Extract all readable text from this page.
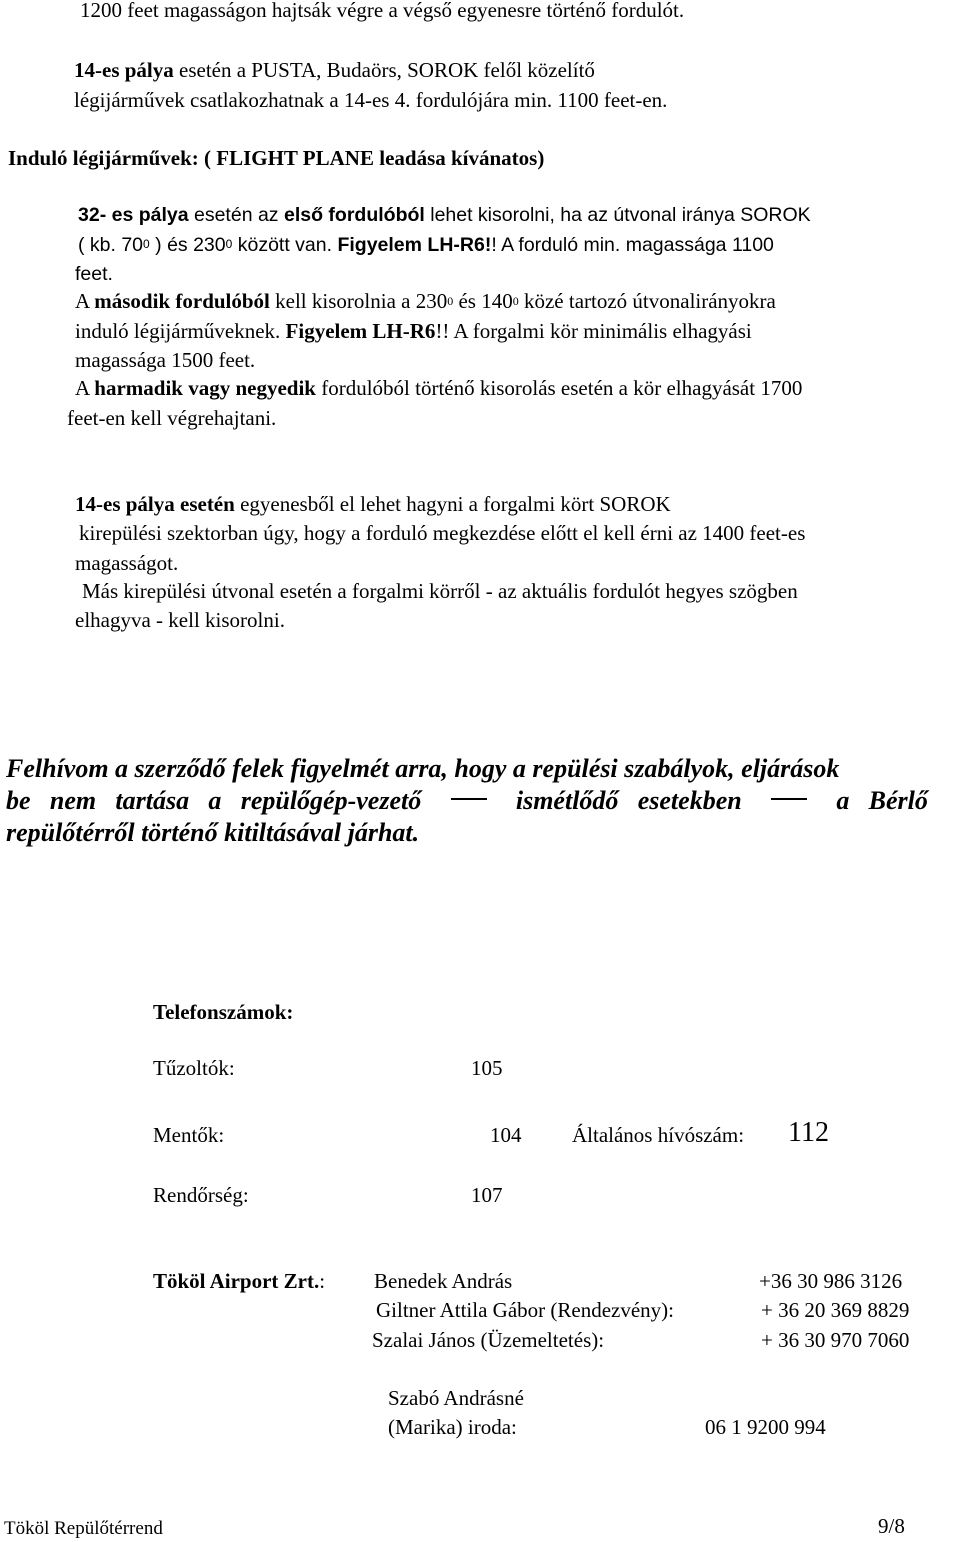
1200 feet magasságon hajtsák végre a végső egyenesre történő fordulót.
14-es pálya esetén a PUSTA, Budaörs, SOROK felől közelítő
légijárművek csatlakozhatnak a 14-es 4. fordulójára min. 1100 feet-en.
Induló légijárművek: ( FLIGHT PLANE leadása kívánatos)
32- es pálya esetén az első fordulóból lehet kisorolni, ha az útvonal iránya SOROK
( kb. $70^0$ ) és $230^0$ között van. Figyelem LH-R6!! A forduló min. magassága 1100
feet.
A második fordulóból kell kisorolnia a $230^0$ és $140^0$ közé tartozó útvonalirányokra
induló légijárműveknek. Figyelem LH-R6!! A forgalmi kör minimális elhagyási
magassága 1500 feet.
A harmadik vagy negyedik fordulóból történő kisorolás esetén a kör elhagyását 1700
feet-en kell végrehajtani.
14-es pálya esetén egyenesből el lehet hagyni a forgalmi kört SOROK
kirepülési szektorban úgy, hogy a forduló megkezdése előtt el kell érni az 1400 feet-es
magasságot.
Más kirepülési útvonal esetén a forgalmi körről - az aktuális fordulót hegyes szögben
elhagyva - kell kisorolni.
Felhívom a szerződő felek figyelmét arra, hogy a repülési szabályok, eljárások
be nem tartása a repülőgép-vezető	ismétlődő esetekben	a Bérlő
repülőtérről történő kitiltásával járhat.
Telefonszámok:
Tűzoltók:	105
Mentők:	104 Általános hívószám: 112
Rendőrség:	107
Tököl Airport Zrt.: Benedek András	+36 30 986 3126
Giltner Attila Gábor (Rendezvény):	+ 36 20 369 8829
Szalai János (Üzemeltetés):	+ 36 30 970 7060
Szabó Andrásné
(Marika) iroda:	06 1 9200 994
Tököl Repülőtérrend	9/8
